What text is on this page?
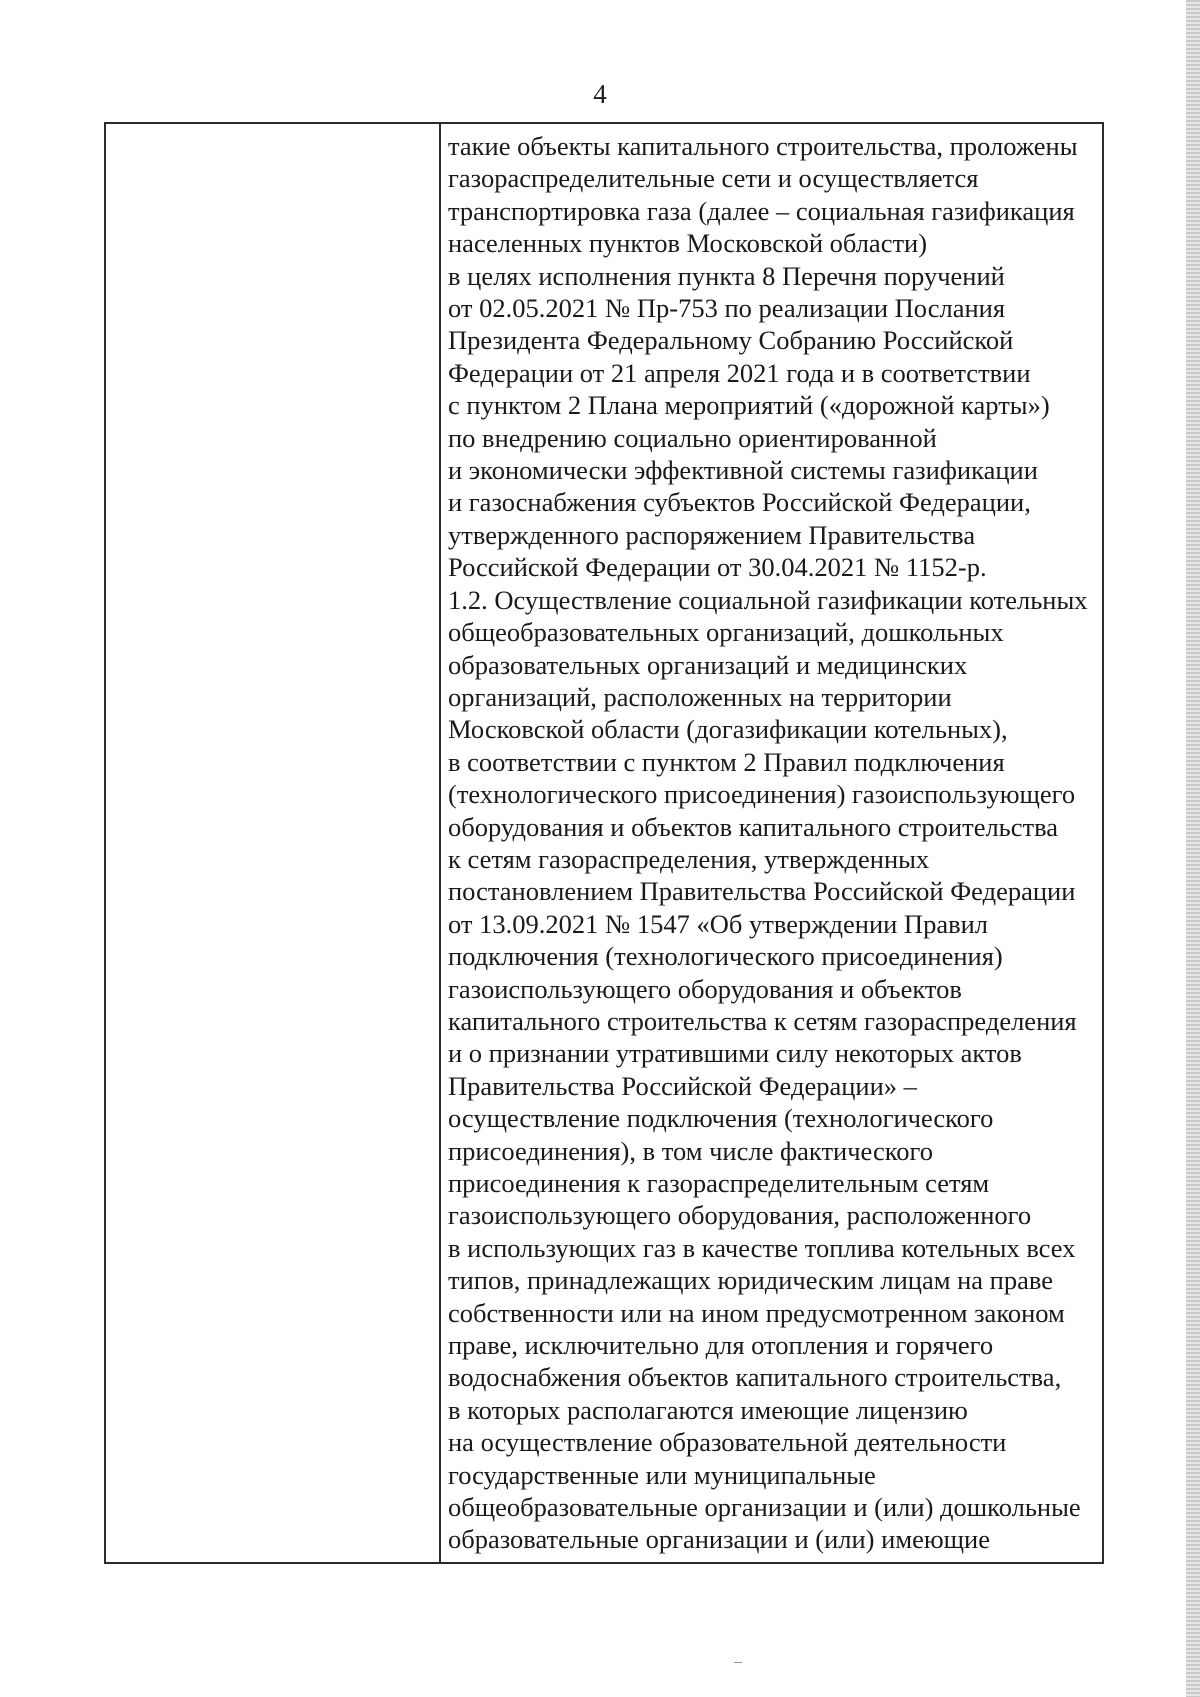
4
такие объекты капитального строительства, проложены
газораспределительные сети и осуществляется
транспортировка газа (далее – социальная газификация
населенных пунктов Московской области)
в целях исполнения пункта 8 Перечня поручений
от 02.05.2021 № Пр-753 по реализации Послания
Президента Федеральному Собранию Российской
Федерации от 21 апреля 2021 года и в соответствии
с пунктом 2 Плана мероприятий («дорожной карты»)
по внедрению социально ориентированной
и экономически эффективной системы газификации
и газоснабжения субъектов Российской Федерации,
утвержденного распоряжением Правительства
Российской Федерации от 30.04.2021 № 1152-р.
1.2. Осуществление социальной газификации котельных
общеобразовательных организаций, дошкольных
образовательных организаций и медицинских
организаций, расположенных на территории
Московской области (догазификации котельных),
в соответствии с пунктом 2 Правил подключения
(технологического присоединения) газоиспользующего
оборудования и объектов капитального строительства
к сетям газораспределения, утвержденных
постановлением Правительства Российской Федерации
от 13.09.2021 № 1547 «Об утверждении Правил
подключения (технологического присоединения)
газоиспользующего оборудования и объектов
капитального строительства к сетям газораспределения
и о признании утратившими силу некоторых актов
Правительства Российской Федерации» –
осуществление подключения (технологического
присоединения), в том числе фактического
присоединения к газораспределительным сетям
газоиспользующего оборудования, расположенного
в использующих газ в качестве топлива котельных всех
типов, принадлежащих юридическим лицам на праве
собственности или на ином предусмотренном законом
праве, исключительно для отопления и горячего
водоснабжения объектов капитального строительства,
в которых располагаются имеющие лицензию
на осуществление образовательной деятельности
государственные или муниципальные
общеобразовательные организации и (или) дошкольные
образовательные организации и (или) имеющие
